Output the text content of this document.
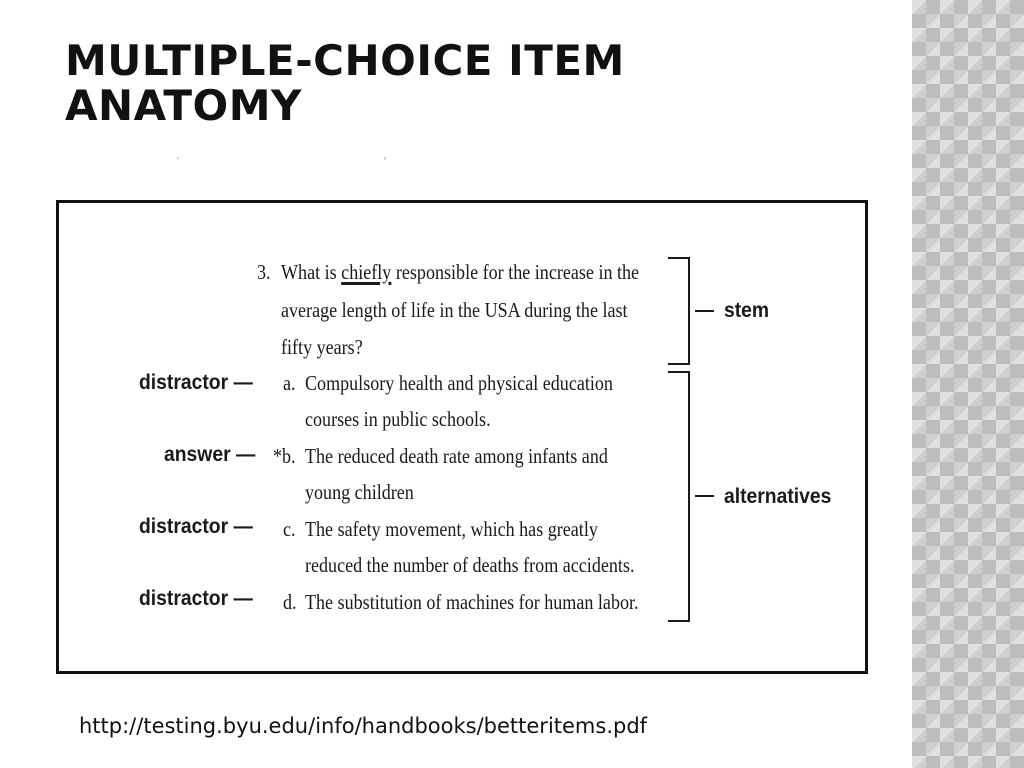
MULTIPLE-CHOICE ITEM
ANATOMY
‘ ’
3. What is chiefly responsible for the increase in the
average length of life in the USA during the last
fifty years?
distractor — a. Compulsory health and physical education
courses in public schools.
answer — *b. The reduced death rate among infants and
young children
distractor — c. The safety movement, which has greatly
reduced the number of deaths from accidents.
distractor — d. The substitution of machines for human labor.
stem
alternatives
http://testing.byu.edu/info/handbooks/betteritems.pdf
